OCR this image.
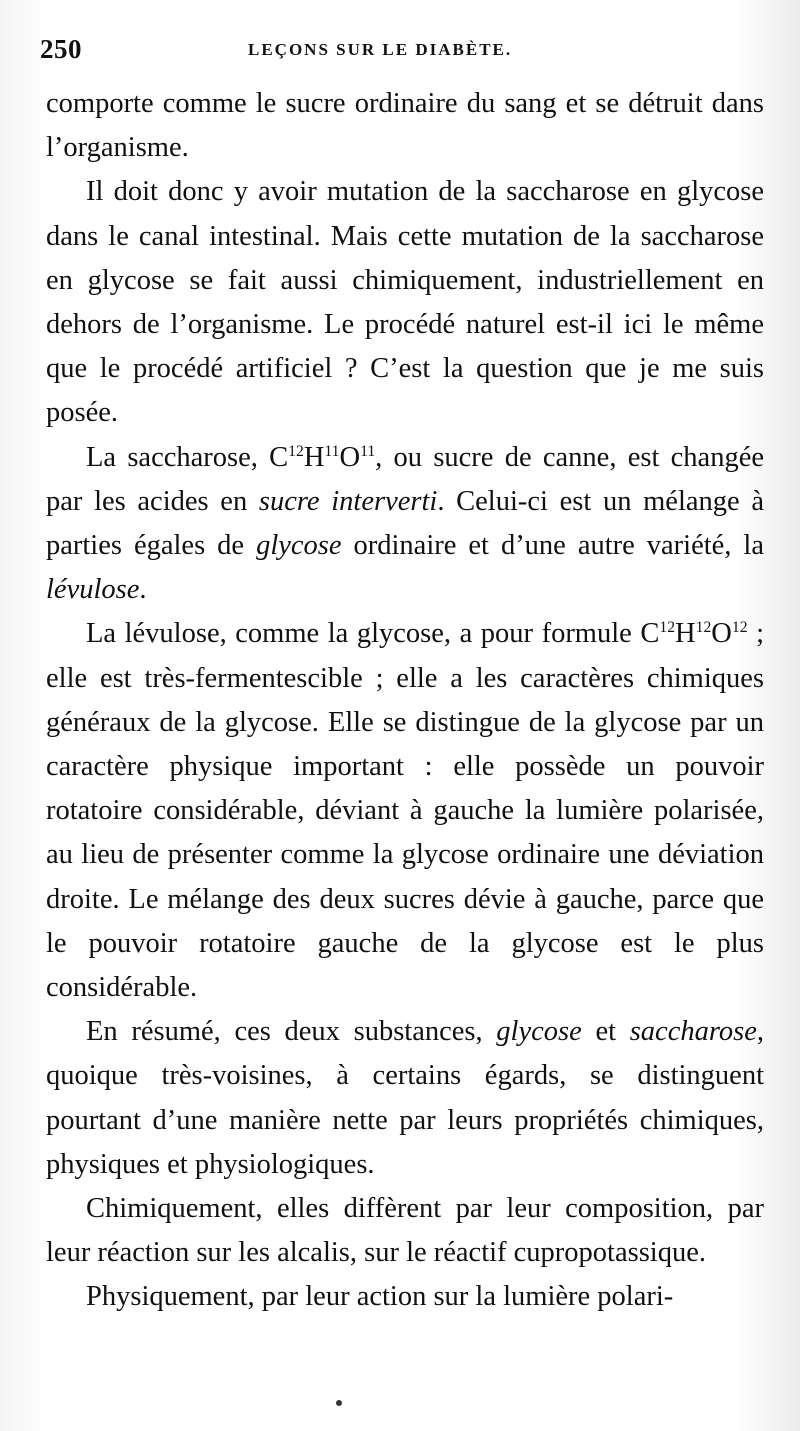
250	LEÇONS SUR LE DIABÈTE.

comporte comme le sucre ordinaire du sang et se détruit dans l’organisme.

Il doit donc y avoir mutation de la saccharose en glycose dans le canal intestinal. Mais cette mutation de la saccharose en glycose se fait aussi chimiquement, industriellement en dehors de l’organisme. Le procédé naturel est-il ici le même que le procédé artificiel ? C’est la question que je me suis posée.

La saccharose, $C^{12}H^{11}O^{11}$, ou sucre de canne, est changée par les acides en sucre interverti. Celui-ci est un mélange à parties égales de glycose ordinaire et d’une autre variété, la lévulose.

La lévulose, comme la glycose, a pour formule $C^{12}H^{12}O^{12}$ ; elle est très-fermentescible ; elle a les caractères chimiques généraux de la glycose. Elle se distingue de la glycose par un caractère physique important : elle possède un pouvoir rotatoire considérable, déviant à gauche la lumière polarisée, au lieu de présenter comme la glycose ordinaire une déviation droite. Le mélange des deux sucres dévie à gauche, parce que le pouvoir rotatoire gauche de la glycose est le plus considérable.

En résumé, ces deux substances, glycose et saccharose, quoique très-voisines, à certains égards, se distinguent pourtant d’une manière nette par leurs propriétés chimiques, physiques et physiologiques.

Chimiquement, elles diffèrent par leur composition, par leur réaction sur les alcalis, sur le réactif cupropotassique.

Physiquement, par leur action sur la lumière polari-
